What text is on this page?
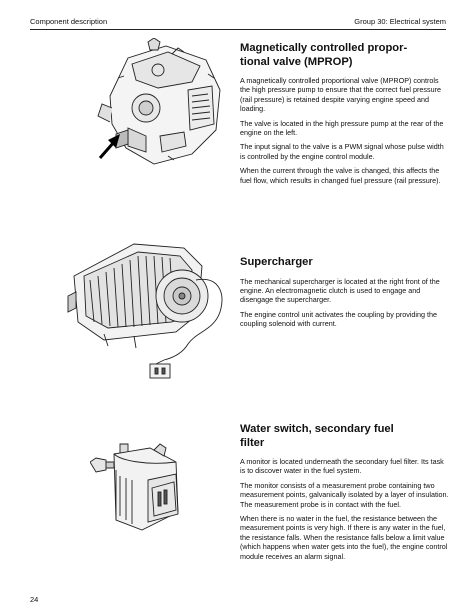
Component description	Group 30: Electrical system
Magnetically controlled propor-
tional valve (MPROP)

A magnetically controlled proportional valve (MPROP) controls the high pressure pump to ensure that the correct fuel pressure (rail pressure) is retained despite varying engine speed and loading.

The valve is located in the high pressure pump at the rear of the engine on the left.

The input signal to the valve is a PWM signal whose pulse width is controlled by the engine control module.

When the current through the valve is changed, this affects the fuel flow, which results in changed fuel pressure (rail pressure).

Supercharger

The mechanical supercharger is located at the right front of the engine. An electromagnetic clutch is used to engage and disengage the supercharger.

The engine control unit activates the coupling by providing the coupling solenoid with current.

Water switch, secondary fuel
filter

A monitor is located underneath the secondary fuel filter. Its task is to discover water in the fuel system.

The monitor consists of a measurement probe containing two measurement points, galvanically isolated by a layer of insulation. The measurement probe is in contact with the fuel.

When there is no water in the fuel, the resistance between the measurement points is very high. If there is any water in the fuel, the resistance falls. When the resistance falls below a limit value (which happens when water gets into the fuel), the engine control module receives an alarm signal.

24
